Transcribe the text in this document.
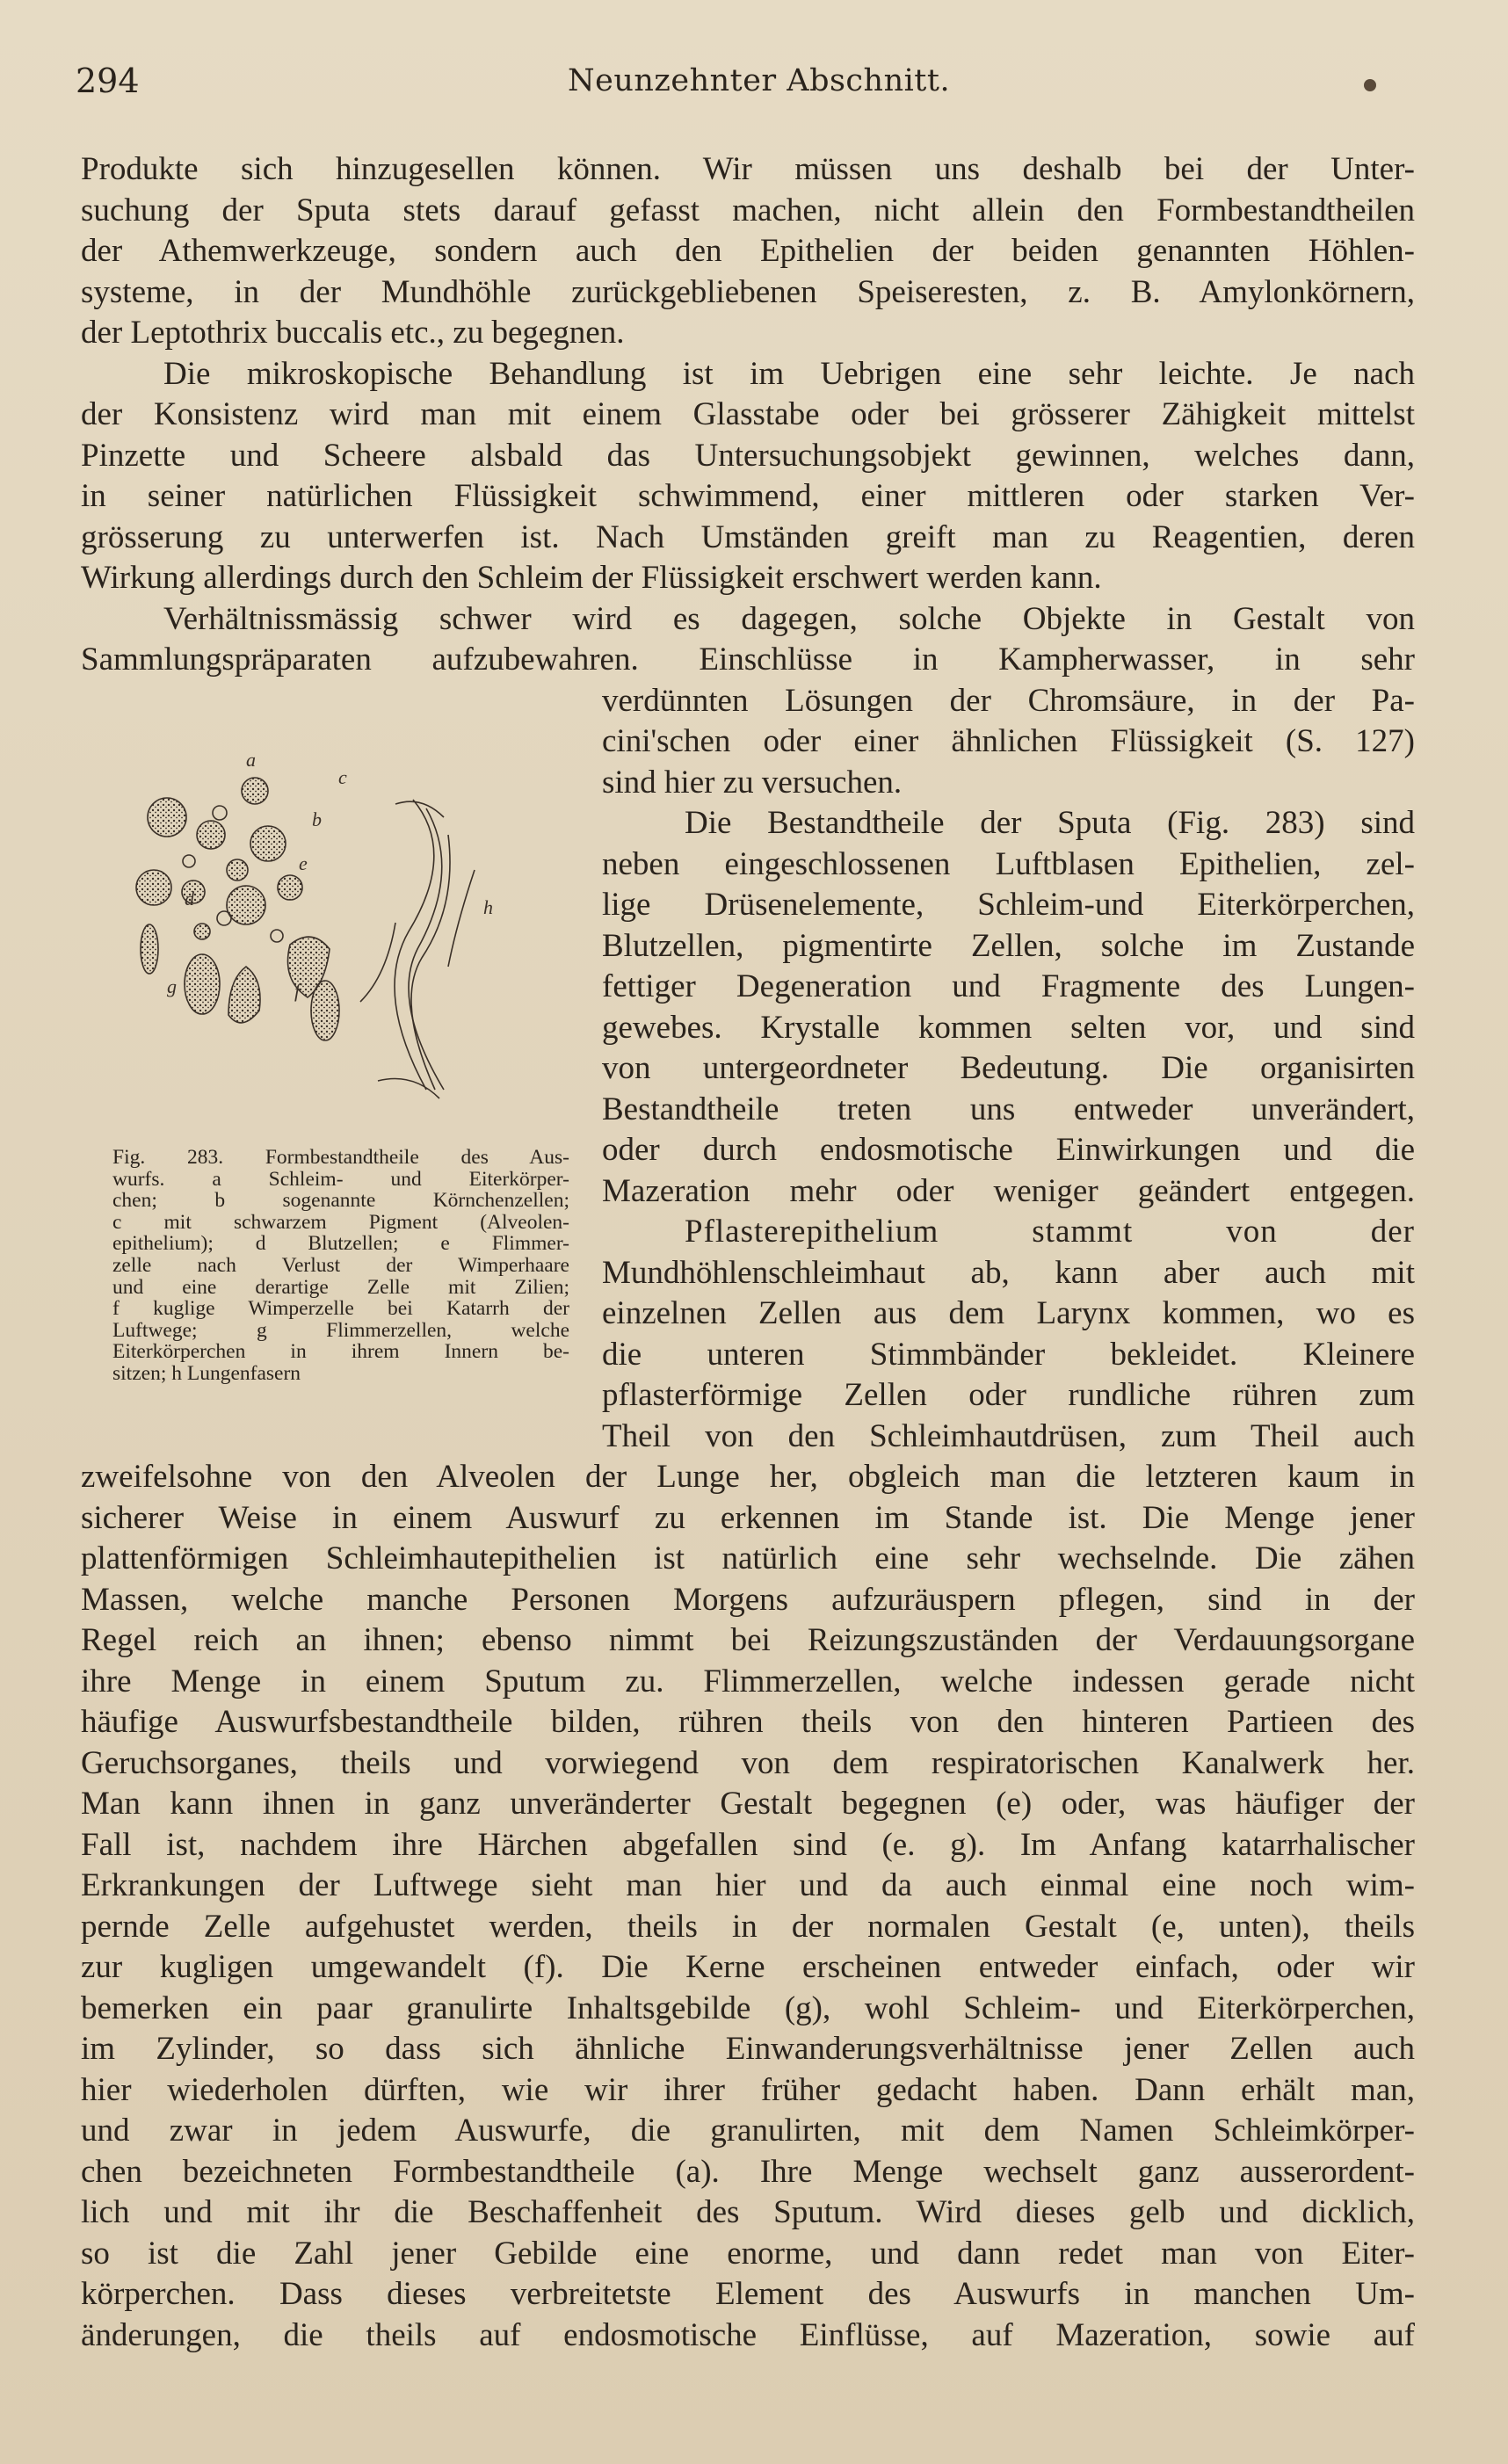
294	Neunzehnter Abschnitt.
Produkte sich hinzugesellen können. Wir müssen uns deshalb bei der Unter-
suchung der Sputa stets darauf gefasst machen, nicht allein den Formbestandtheilen
der Athemwerkzeuge, sondern auch den Epithelien der beiden genannten Höhlen-
systeme, in der Mundhöhle zurückgebliebenen Speiseresten, z. B. Amylonkörnern,
der Leptothrix buccalis etc., zu begegnen.
Die mikroskopische Behandlung ist im Uebrigen eine sehr leichte. Je nach
der Konsistenz wird man mit einem Glasstabe oder bei grösserer Zähigkeit mittelst
Pinzette und Scheere alsbald das Untersuchungsobjekt gewinnen, welches dann,
in seiner natürlichen Flüssigkeit schwimmend, einer mittleren oder starken Ver-
grösserung zu unterwerfen ist. Nach Umständen greift man zu Reagentien, deren
Wirkung allerdings durch den Schleim der Flüssigkeit erschwert werden kann.
Verhältnissmässig schwer wird es dagegen, solche Objekte in Gestalt von
Sammlungspräparaten aufzubewahren. Einschlüsse in Kampherwasser, in sehr
verdünnten Lösungen der Chromsäure, in der Pa-
cini'schen oder einer ähnlichen Flüssigkeit (S. 127)
sind hier zu versuchen.
Die Bestandtheile der Sputa (Fig. 283) sind
neben eingeschlossenen Luftblasen Epithelien, zel-
lige Drüsenelemente, Schleim-und Eiterkörperchen,
Blutzellen, pigmentirte Zellen, solche im Zustande
fettiger Degeneration und Fragmente des Lungen-
gewebes. Krystalle kommen selten vor, und sind
von untergeordneter Bedeutung. Die organisirten
Bestandtheile treten uns entweder unverändert,
oder durch endosmotische Einwirkungen und die
Mazeration mehr oder weniger geändert entgegen.
Pflasterepithelium stammt von der
Mundhöhlenschleimhaut ab, kann aber auch mit
einzelnen Zellen aus dem Larynx kommen, wo es
die unteren Stimmbänder bekleidet. Kleinere
pflasterförmige Zellen oder rundliche rühren zum
Theil von den Schleimhautdrüsen, zum Theil auch
zweifelsohne von den Alveolen der Lunge her, obgleich man die letzteren kaum in
sicherer Weise in einem Auswurf zu erkennen im Stande ist. Die Menge jener
plattenförmigen Schleimhautepithelien ist natürlich eine sehr wechselnde. Die zähen
Massen, welche manche Personen Morgens aufzuräuspern pflegen, sind in der
Regel reich an ihnen; ebenso nimmt bei Reizungszuständen der Verdauungsorgane
ihre Menge in einem Sputum zu. Flimmerzellen, welche indessen gerade nicht
häufige Auswurfsbestandtheile bilden, rühren theils von den hinteren Partieen des
Geruchsorganes, theils und vorwiegend von dem respiratorischen Kanalwerk her.
Man kann ihnen in ganz unveränderter Gestalt begegnen (e) oder, was häufiger der
Fall ist, nachdem ihre Härchen abgefallen sind (e. g). Im Anfang katarrhalischer
Erkrankungen der Luftwege sieht man hier und da auch einmal eine noch wim-
pernde Zelle aufgehustet werden, theils in der normalen Gestalt (e, unten), theils
zur kugligen umgewandelt (f). Die Kerne erscheinen entweder einfach, oder wir
bemerken ein paar granulirte Inhaltsgebilde (g), wohl Schleim- und Eiterkörperchen,
im Zylinder, so dass sich ähnliche Einwanderungsverhältnisse jener Zellen auch
hier wiederholen dürften, wie wir ihrer früher gedacht haben. Dann erhält man,
und zwar in jedem Auswurfe, die granulirten, mit dem Namen Schleimkörper-
chen bezeichneten Formbestandtheile (a). Ihre Menge wechselt ganz ausserordent-
lich und mit ihr die Beschaffenheit des Sputum. Wird dieses gelb und dicklich,
so ist die Zahl jener Gebilde eine enorme, und dann redet man von Eiter-
körperchen. Dass dieses verbreitetste Element des Auswurfs in manchen Um-
änderungen, die theils auf endosmotische Einflüsse, auf Mazeration, sowie auf
a
b
c
d
e
f
g
h
Fig. 283. Formbestandtheile des Aus-
wurfs. a Schleim- und Eiterkörper-
chen; b sogenannte Körnchenzellen;
c mit schwarzem Pigment (Alveolen-
epithelium); d Blutzellen; e Flimmer-
zelle nach Verlust der Wimperhaare
und eine derartige Zelle mit Zilien;
f kuglige Wimperzelle bei Katarrh der
Luftwege; g Flimmerzellen, welche
Eiterkörperchen in ihrem Innern be-
sitzen; h Lungenfasern
